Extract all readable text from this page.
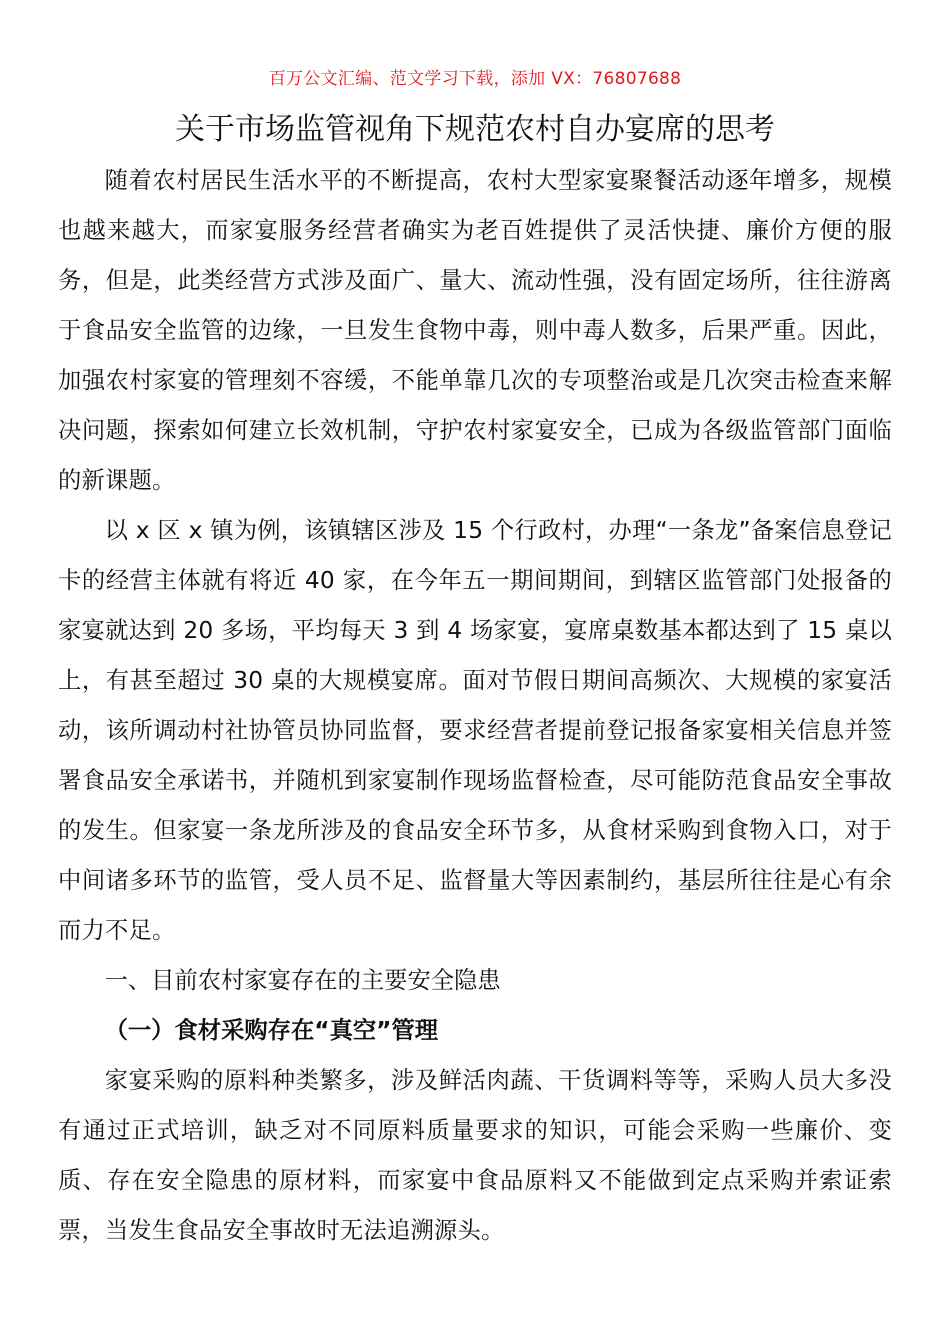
百万公文汇编、范文学习下载，添加 VX：76807688
关于市场监管视角下规范农村自办宴席的思考

随着农村居民生活水平的不断提高，农村大型家宴聚餐活动逐年增多，规模也越来越大，而家宴服务经营者确实为老百姓提供了灵活快捷、廉价方便的服务，但是，此类经营方式涉及面广、量大、流动性强，没有固定场所，往往游离于食品安全监管的边缘，一旦发生食物中毒，则中毒人数多，后果严重。因此，加强农村家宴的管理刻不容缓，不能单靠几次的专项整治或是几次突击检查来解决问题，探索如何建立长效机制，守护农村家宴安全，已成为各级监管部门面临的新课题。

以 x 区 x 镇为例，该镇辖区涉及 15 个行政村，办理“一条龙”备案信息登记卡的经营主体就有将近 40 家，在今年五一期间期间，到辖区监管部门处报备的家宴就达到 20 多场，平均每天 3 到 4 场家宴，宴席桌数基本都达到了 15 桌以上，有甚至超过 30 桌的大规模宴席。面对节假日期间高频次、大规模的家宴活动，该所调动村社协管员协同监督，要求经营者提前登记报备家宴相关信息并签署食品安全承诺书，并随机到家宴制作现场监督检查，尽可能防范食品安全事故的发生。但家宴一条龙所涉及的食品安全环节多，从食材采购到食物入口，对于中间诸多环节的监管，受人员不足、监督量大等因素制约，基层所往往是心有余而力不足。

一、目前农村家宴存在的主要安全隐患

（一）食材采购存在“真空”管理

家宴采购的原料种类繁多，涉及鲜活肉蔬、干货调料等等，采购人员大多没有通过正式培训，缺乏对不同原料质量要求的知识，可能会采购一些廉价、变质、存在安全隐患的原材料，而家宴中食品原料又不能做到定点采购并索证索票，当发生食品安全事故时无法追溯源头。
